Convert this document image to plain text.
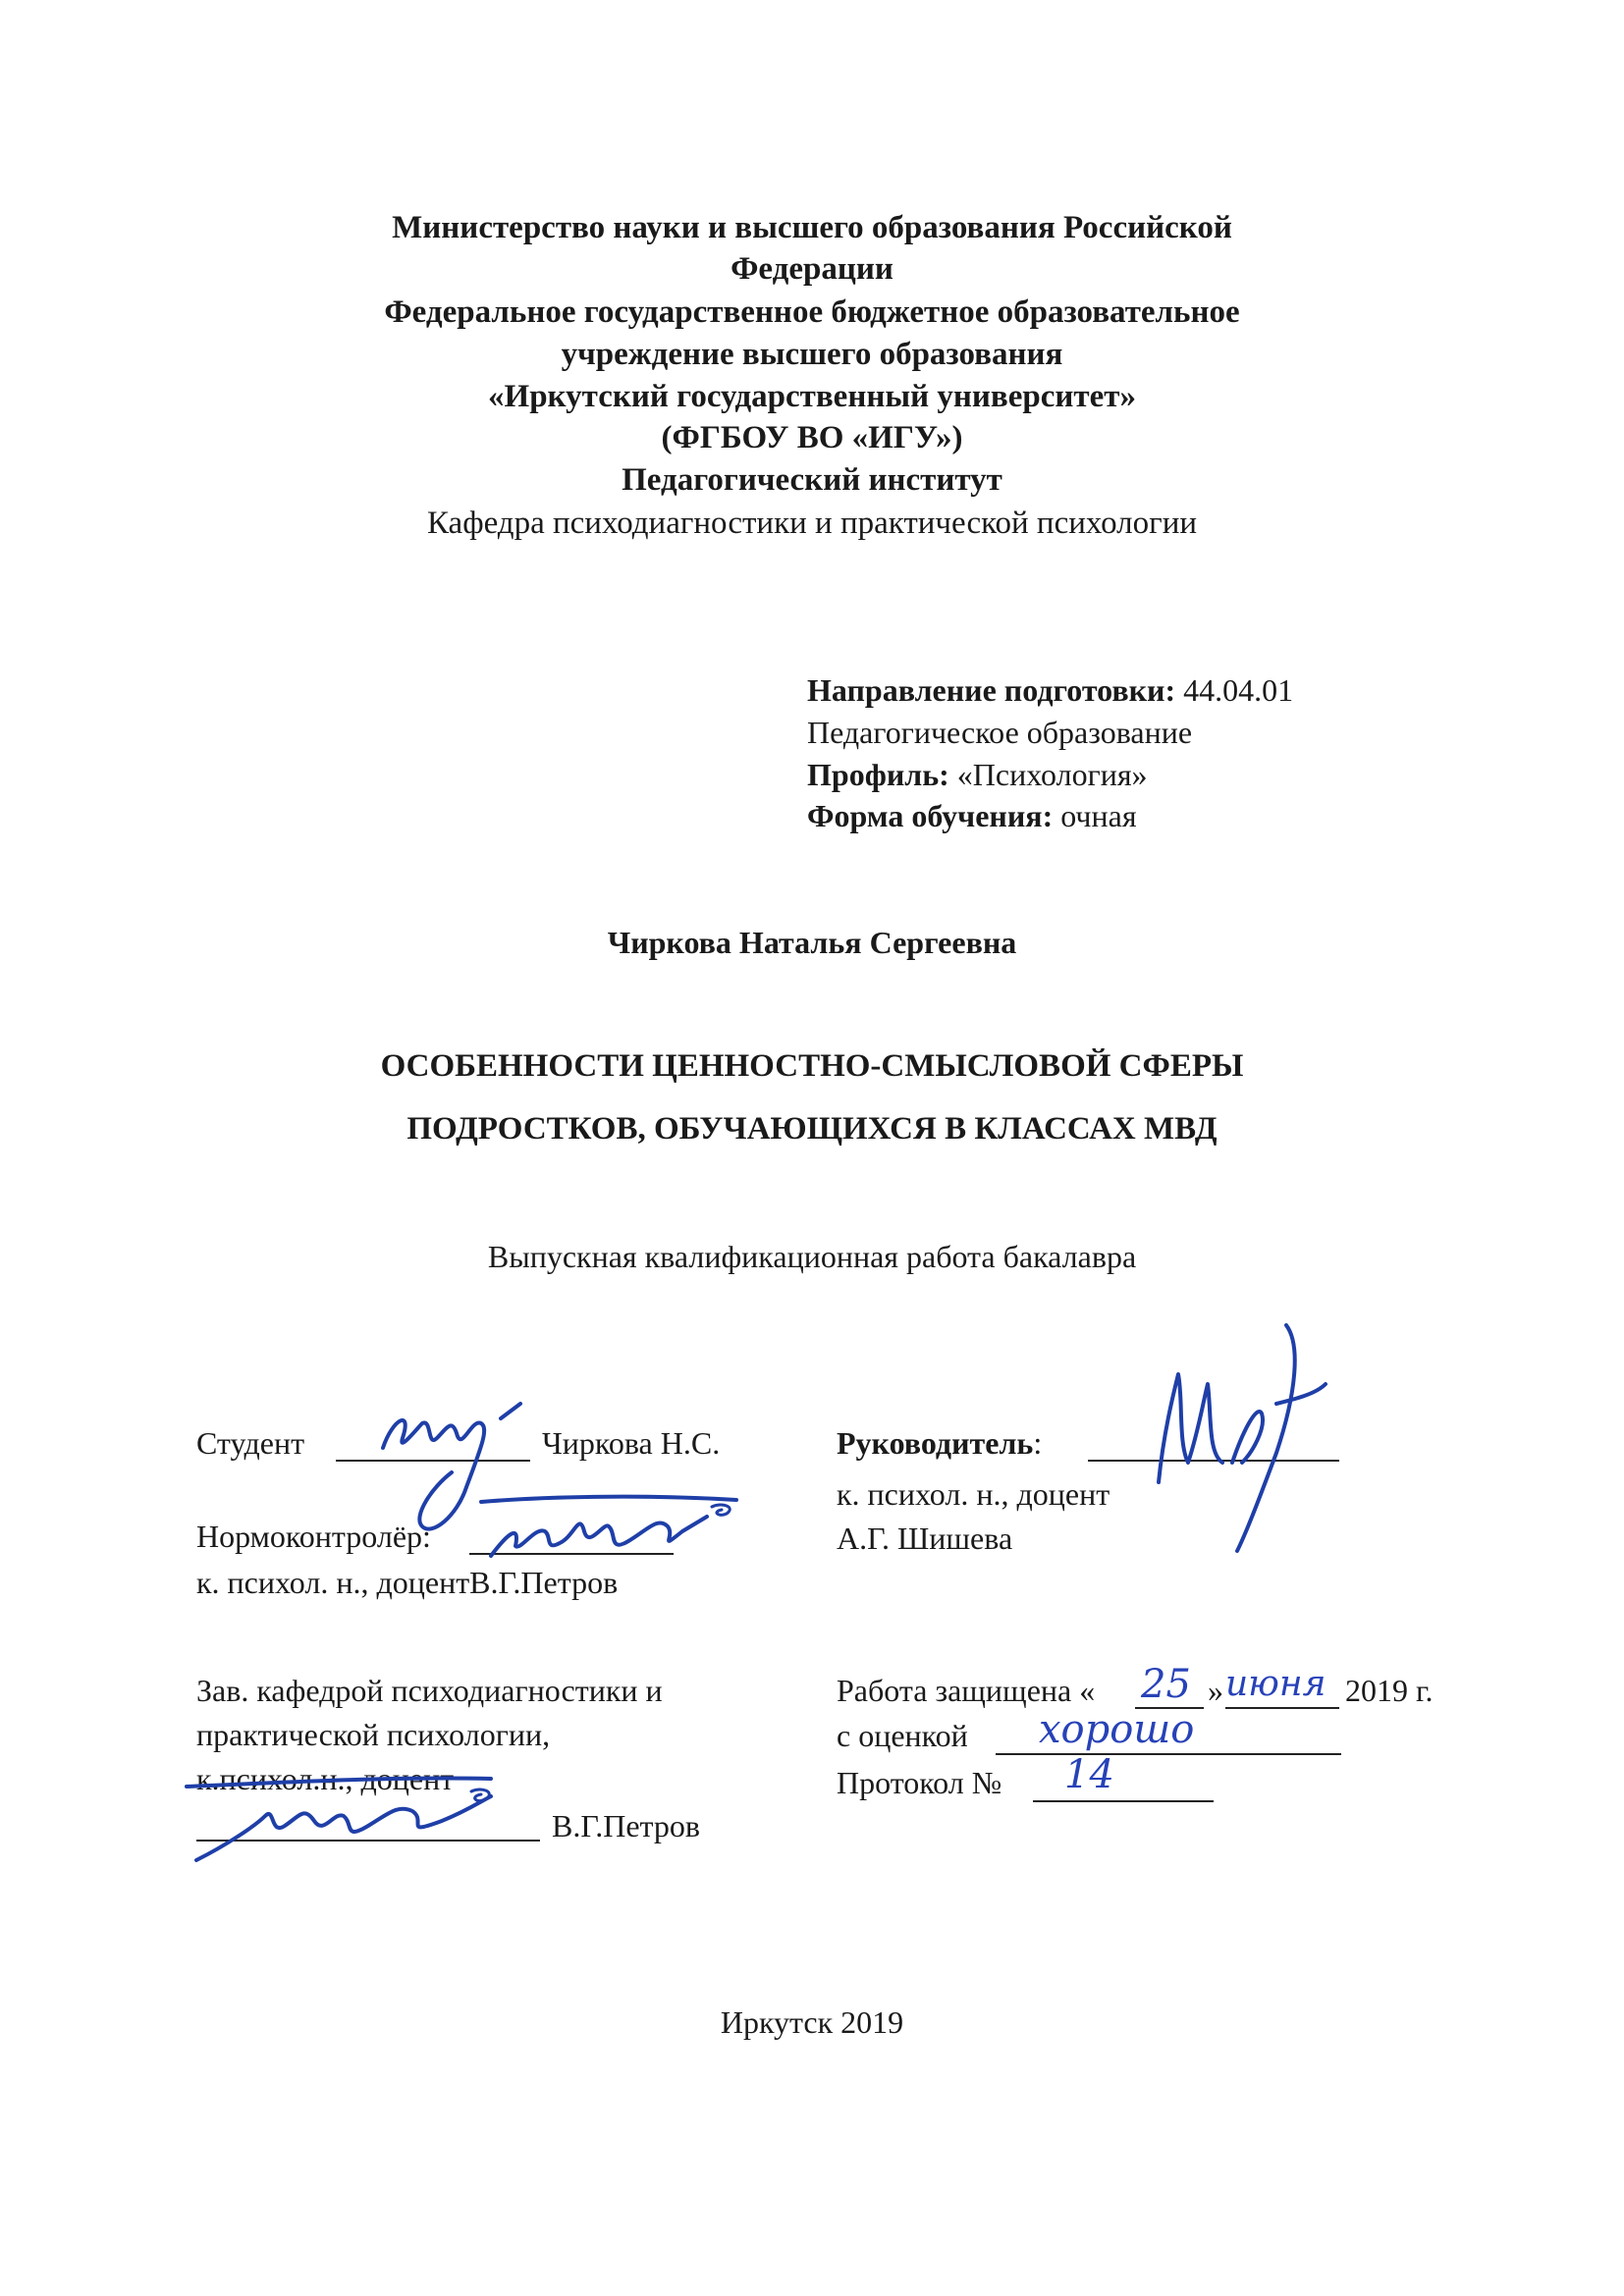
Министерство науки и высшего образования Российской
Федерации
Федеральное государственное бюджетное образовательное
учреждение высшего образования
«Иркутский государственный университет»
(ФГБОУ ВО «ИГУ»)
Педагогический институт
Кафедра психодиагностики и практической психологии
Направление подготовки: 44.04.01
Педагогическое образование
Профиль: «Психология»
Форма обучения: очная
Чиркова Наталья Сергеевна
ОСОБЕННОСТИ ЦЕННОСТНО-СМЫСЛОВОЙ СФЕРЫ
ПОДРОСТКОВ, ОБУЧАЮЩИХСЯ В КЛАССАХ МВД
Выпускная квалификационная работа бакалавра
Студент	Чиркова Н.С.
Нормоконтролёр:
к. психол. н., доцентВ.Г.Петров
Зав. кафедрой психодиагностики и
практической психологии,
к.психол.н., доцент
В.Г.Петров
Руководитель:
к. психол. н., доцент
А.Г. Шишева
Работа защищена « 25 » июня 2019 г.
с оценкой хорошо
Протокол № 14
Иркутск 2019
